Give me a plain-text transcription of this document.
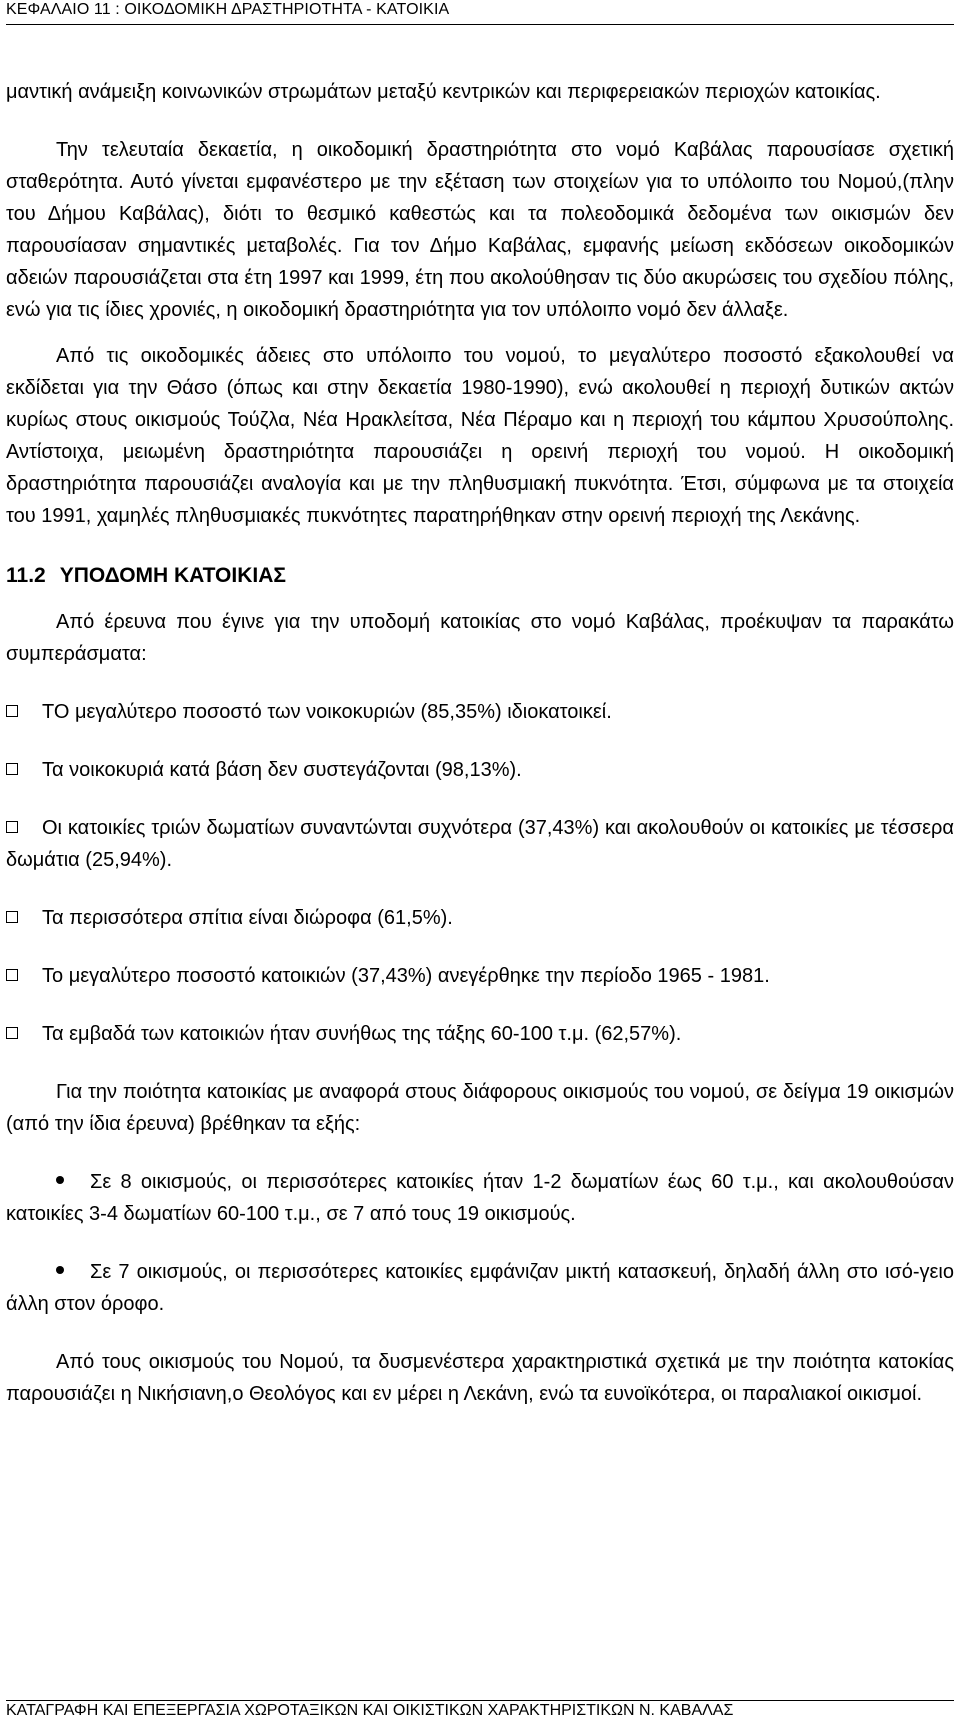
ΚΕΦΑΛΑΙΟ 11 : ΟΙΚΟΔΟΜΙΚΗ ΔΡΑΣΤΗΡΙΟΤΗΤΑ - ΚΑΤΟΙΚΙΑ

μαντική ανάμειξη κοινωνικών στρωμάτων μεταξύ κεντρικών και περιφερειακών περιοχών κατοικίας.

Την τελευταία δεκαετία, η οικοδομική δραστηριότητα στο νομό Καβάλας παρουσίασε σχετική σταθερότητα. Αυτό γίνεται εμφανέστερο με την εξέταση των στοιχείων για το υπόλοιπο του Νομού,(πλην του Δήμου Καβάλας), διότι το θεσμικό καθεστώς και τα πολεοδομικά δεδομένα των οικισμών δεν παρουσίασαν σημαντικές μεταβολές. Για τον Δήμο Καβάλας, εμφανής μείωση εκδόσεων οικοδομικών αδειών παρουσιάζεται στα έτη 1997 και 1999, έτη που ακολούθησαν τις δύο ακυρώσεις του σχεδίου πόλης, ενώ για τις ίδιες χρονιές, η οικοδομική δραστηριότητα για τον υπόλοιπο νομό δεν άλλαξε.

Από τις οικοδομικές άδειες στο υπόλοιπο του νομού, το μεγαλύτερο ποσοστό εξακολουθεί να εκδίδεται για την Θάσο (όπως και στην δεκαετία 1980-1990), ενώ ακολουθεί η περιοχή δυτικών ακτών κυρίως στους οικισμούς Τούζλα, Νέα Ηρακλείτσα, Νέα Πέραμο και η περιοχή του κάμπου Χρυσούπολης. Αντίστοιχα, μειωμένη δραστηριότητα παρουσιάζει η ορεινή περιοχή του νομού. Η οικοδομική δραστηριότητα παρουσιάζει αναλογία και με την πληθυσμιακή πυκνότητα. Έτσι, σύμφωνα με τα στοιχεία του 1991, χαμηλές πληθυσμιακές πυκνότητες παρατηρήθηκαν στην ορεινή περιοχή της Λεκάνης.

11.2 ΥΠΟΔΟΜΗ ΚΑΤΟΙΚΙΑΣ

Από έρευνα που έγινε για την υποδομή κατοικίας στο νομό Καβάλας, προέκυψαν τα παρακάτω συμπεράσματα:

ΤΟ μεγαλύτερο ποσοστό των νοικοκυριών (85,35%) ιδιοκατοικεί.
Τα νοικοκυριά κατά βάση δεν συστεγάζονται (98,13%).
Οι κατοικίες τριών δωματίων συναντώνται συχνότερα (37,43%) και ακολουθούν οι κατοικίες με τέσσερα δωμάτια (25,94%).
Τα περισσότερα σπίτια είναι διώροφα (61,5%).
Το μεγαλύτερο ποσοστό κατοικιών (37,43%) ανεγέρθηκε την περίοδο 1965 - 1981.
Τα εμβαδά των κατοικιών ήταν συνήθως της τάξης 60-100 τ.μ. (62,57%).

Για την ποιότητα κατοικίας με αναφορά στους διάφορους οικισμούς του νομού, σε δείγμα 19 οικισμών (από την ίδια έρευνα) βρέθηκαν τα εξής:

Σε 8 οικισμούς, οι περισσότερες κατοικίες ήταν 1-2 δωματίων έως 60 τ.μ., και ακολουθούσαν κατοικίες 3-4 δωματίων 60-100 τ.μ., σε 7 από τους 19 οικισμούς.
Σε 7 οικισμούς, οι περισσότερες κατοικίες εμφάνιζαν μικτή κατασκευή, δηλαδή άλλη στο ισό-γειο άλλη στον όροφο.

Από τους οικισμούς του Νομού, τα δυσμενέστερα χαρακτηριστικά σχετικά με την ποιότητα κατοκίας παρουσιάζει η Νικήσιανη,ο Θεολόγος και εν μέρει η Λεκάνη, ενώ τα ευνοϊκότερα, οι παραλιακοί οικισμοί.

ΚΑΤΑΓΡΑΦΗ ΚΑΙ ΕΠΕΞΕΡΓΑΣΙΑ ΧΩΡΟΤΑΞΙΚΩΝ ΚΑΙ ΟΙΚΙΣΤΙΚΩΝ ΧΑΡΑΚΤΗΡΙΣΤΙΚΩΝ Ν. ΚΑΒΑΛΑΣ
